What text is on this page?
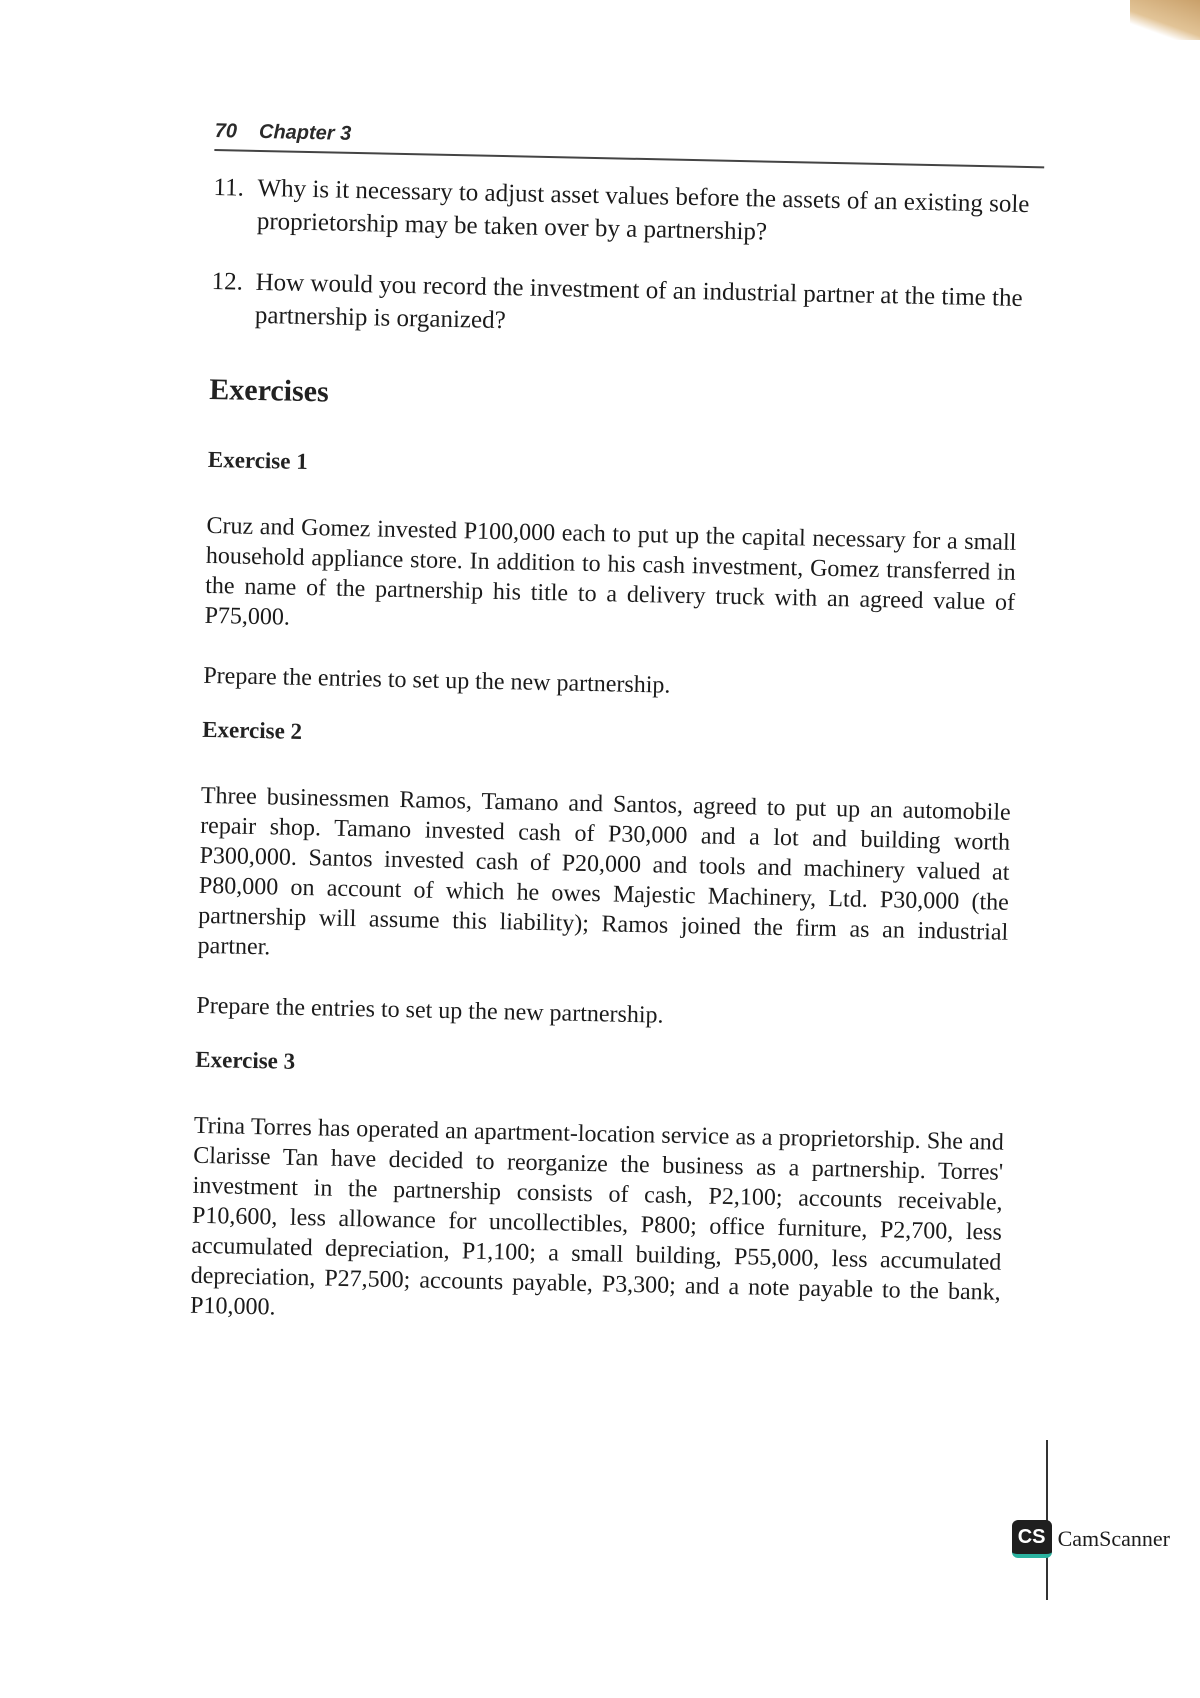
70 Chapter 3
11. Why is it necessary to adjust asset values before the assets of an existing sole proprietorship may be taken over by a partnership?
12. How would you record the investment of an industrial partner at the time the partnership is organized?
Exercises
Exercise 1

Cruz and Gomez invested P100,000 each to put up the capital necessary for a small household appliance store. In addition to his cash investment, Gomez transferred in the name of the partnership his title to a delivery truck with an agreed value of P75,000.

Prepare the entries to set up the new partnership.

Exercise 2

Three businessmen Ramos, Tamano and Santos, agreed to put up an automobile repair shop. Tamano invested cash of P30,000 and a lot and building worth P300,000. Santos invested cash of P20,000 and tools and machinery valued at P80,000 on account of which he owes Majestic Machinery, Ltd. P30,000 (the partnership will assume this liability); Ramos joined the firm as an industrial partner.

Prepare the entries to set up the new partnership.

Exercise 3

Trina Torres has operated an apartment-location service as a proprietorship. She and Clarisse Tan have decided to reorganize the business as a partnership. Torres' investment in the partnership consists of cash, P2,100; accounts receivable, P10,600, less allowance for uncollectibles, P800; office furniture, P2,700, less accumulated depreciation, P1,100; a small building, P55,000, less accumulated depreciation, P27,500; accounts payable, P3,300; and a note payable to the bank, P10,000.

CS CamScanner
